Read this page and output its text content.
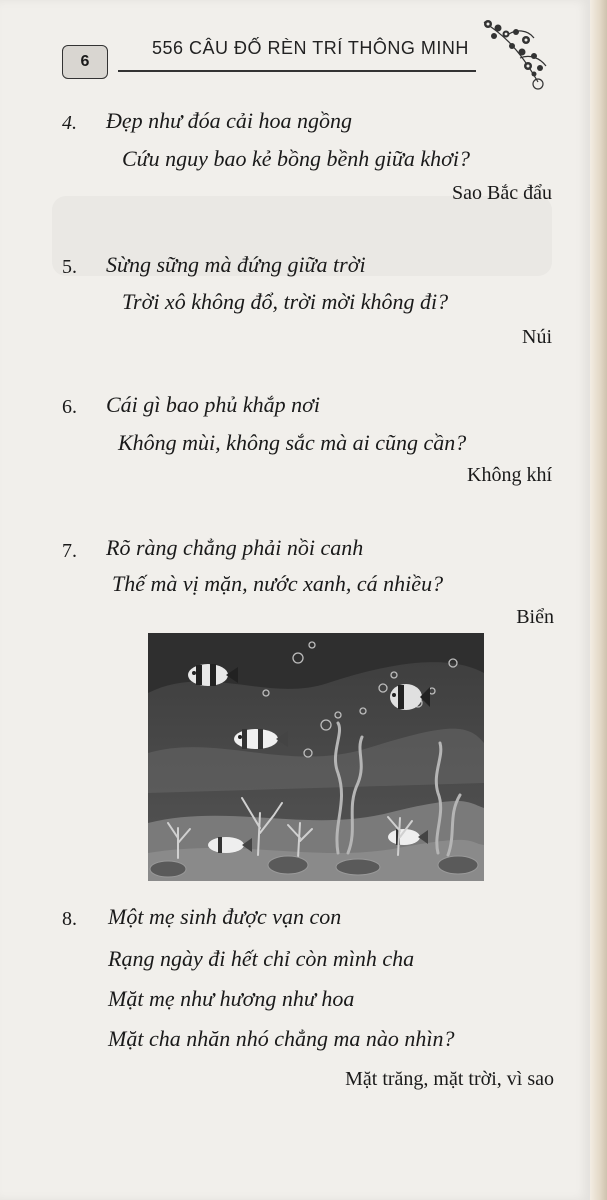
6
556 CÂU ĐỐ RÈN TRÍ THÔNG MINH
4. Đẹp như đóa cải hoa ngồng
Cứu nguy bao kẻ bồng bềnh giữa khơi?
Sao Bắc đẩu
5. Sừng sững mà đứng giữa trời
Trời xô không đổ, trời mời không đi?
Núi
6. Cái gì bao phủ khắp nơi
Không mùi, không sắc mà ai cũng cần?
Không khí
7. Rõ ràng chẳng phải nồi canh
Thế mà vị mặn, nước xanh, cá nhiều?
Biển
8. Một mẹ sinh được vạn con
Rạng ngày đi hết chỉ còn mình cha
Mặt mẹ như hương như hoa
Mặt cha nhăn nhó chẳng ma nào nhìn?
Mặt trăng, mặt trời, vì sao
